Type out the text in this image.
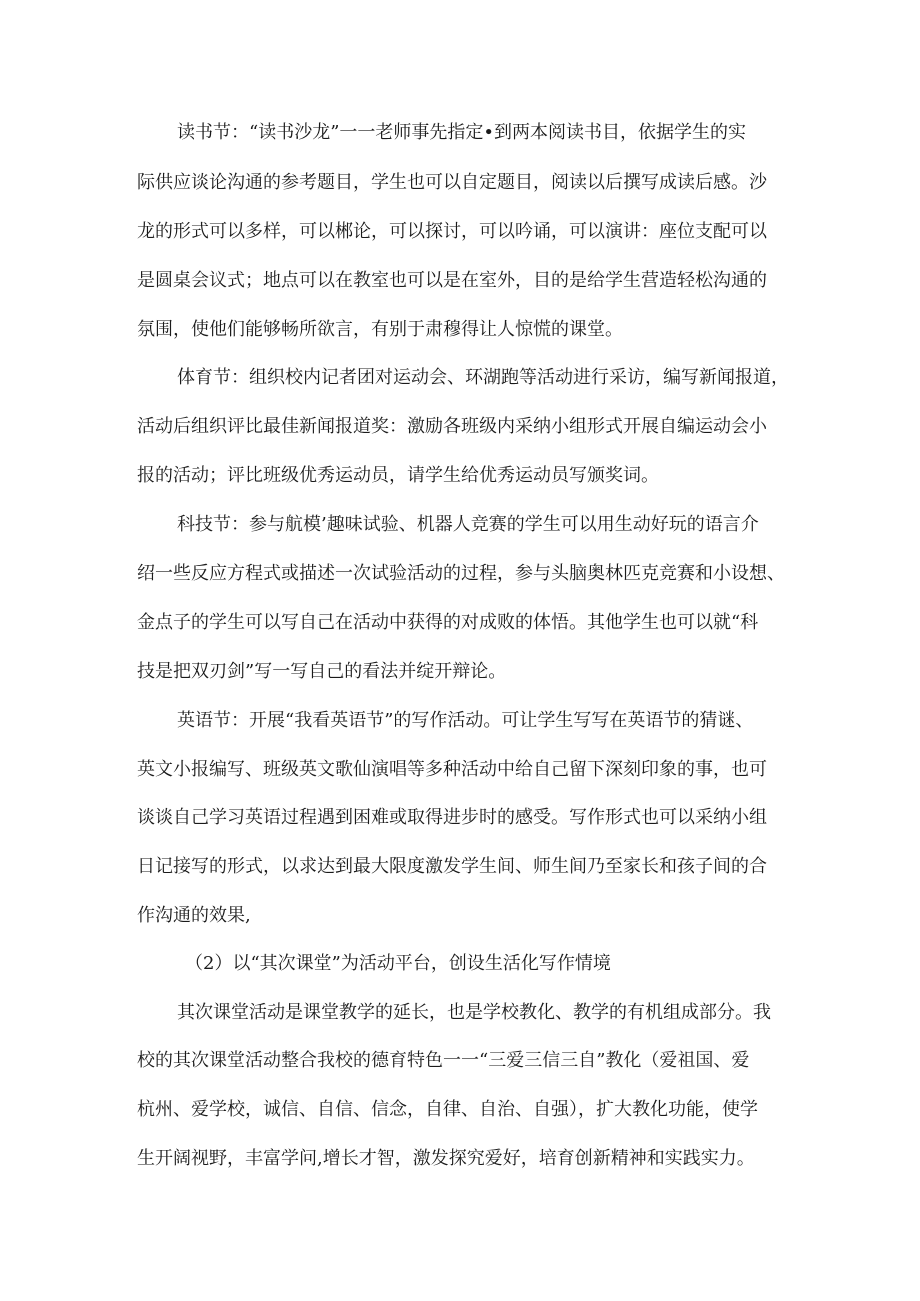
读书节：“读书沙龙”一一老师事先指定•到两本阅读书目，依据学生的实
际供应谈论沟通的参考题目，学生也可以自定题目，阅读以后撰写成读后感。沙
龙的形式可以多样，可以郴论，可以探讨，可以吟诵，可以演讲：座位支配可以
是圆桌会议式；地点可以在教室也可以是在室外，目的是给学生营造轻松沟通的
氛围，使他们能够畅所欲言，有别于肃穆得让人惊慌的课堂。
体育节：组织校内记者团对运动会、环湖跑等活动进行采访，编写新闻报道，
活动后组织评比最佳新闻报道奖：激励各班级内采纳小组形式开展自编运动会小
报的活动；评比班级优秀运动员，请学生给优秀运动员写颁奖词。
科技节：参与航模’趣味试验、机器人竞赛的学生可以用生动好玩的语言介
绍一些反应方程式或描述一次试验活动的过程，参与头脑奥林匹克竞赛和小设想、
金点子的学生可以写自己在活动中获得的对成败的体悟。其他学生也可以就“科
技是把双刃剑”写一写自己的看法并绽开辩论。
英语节：开展“我看英语节”的写作活动。可让学生写写在英语节的猜谜、
英文小报编写、班级英文歌仙演唱等多种活动中给自己留下深刻印象的事，也可
谈谈自己学习英语过程遇到困难或取得进步时的感受。写作形式也可以采纳小组
日记接写的形式，以求达到最大限度激发学生间、师生间乃至家长和孩子间的合
作沟通的效果,
（2）以“其次课堂”为活动平台，创设生活化写作情境
其次课堂活动是课堂教学的延长，也是学校教化、教学的有机组成部分。我
校的其次课堂活动整合我校的德育特色一一“三爱三信三自”教化（爱祖国、爱
杭州、爱学校，诚信、自信、信念，自律、自治、自强），扩大教化功能，使学
生开阔视野，丰富学问,增长才智，激发探究爱好，培育创新精神和实践实力。
